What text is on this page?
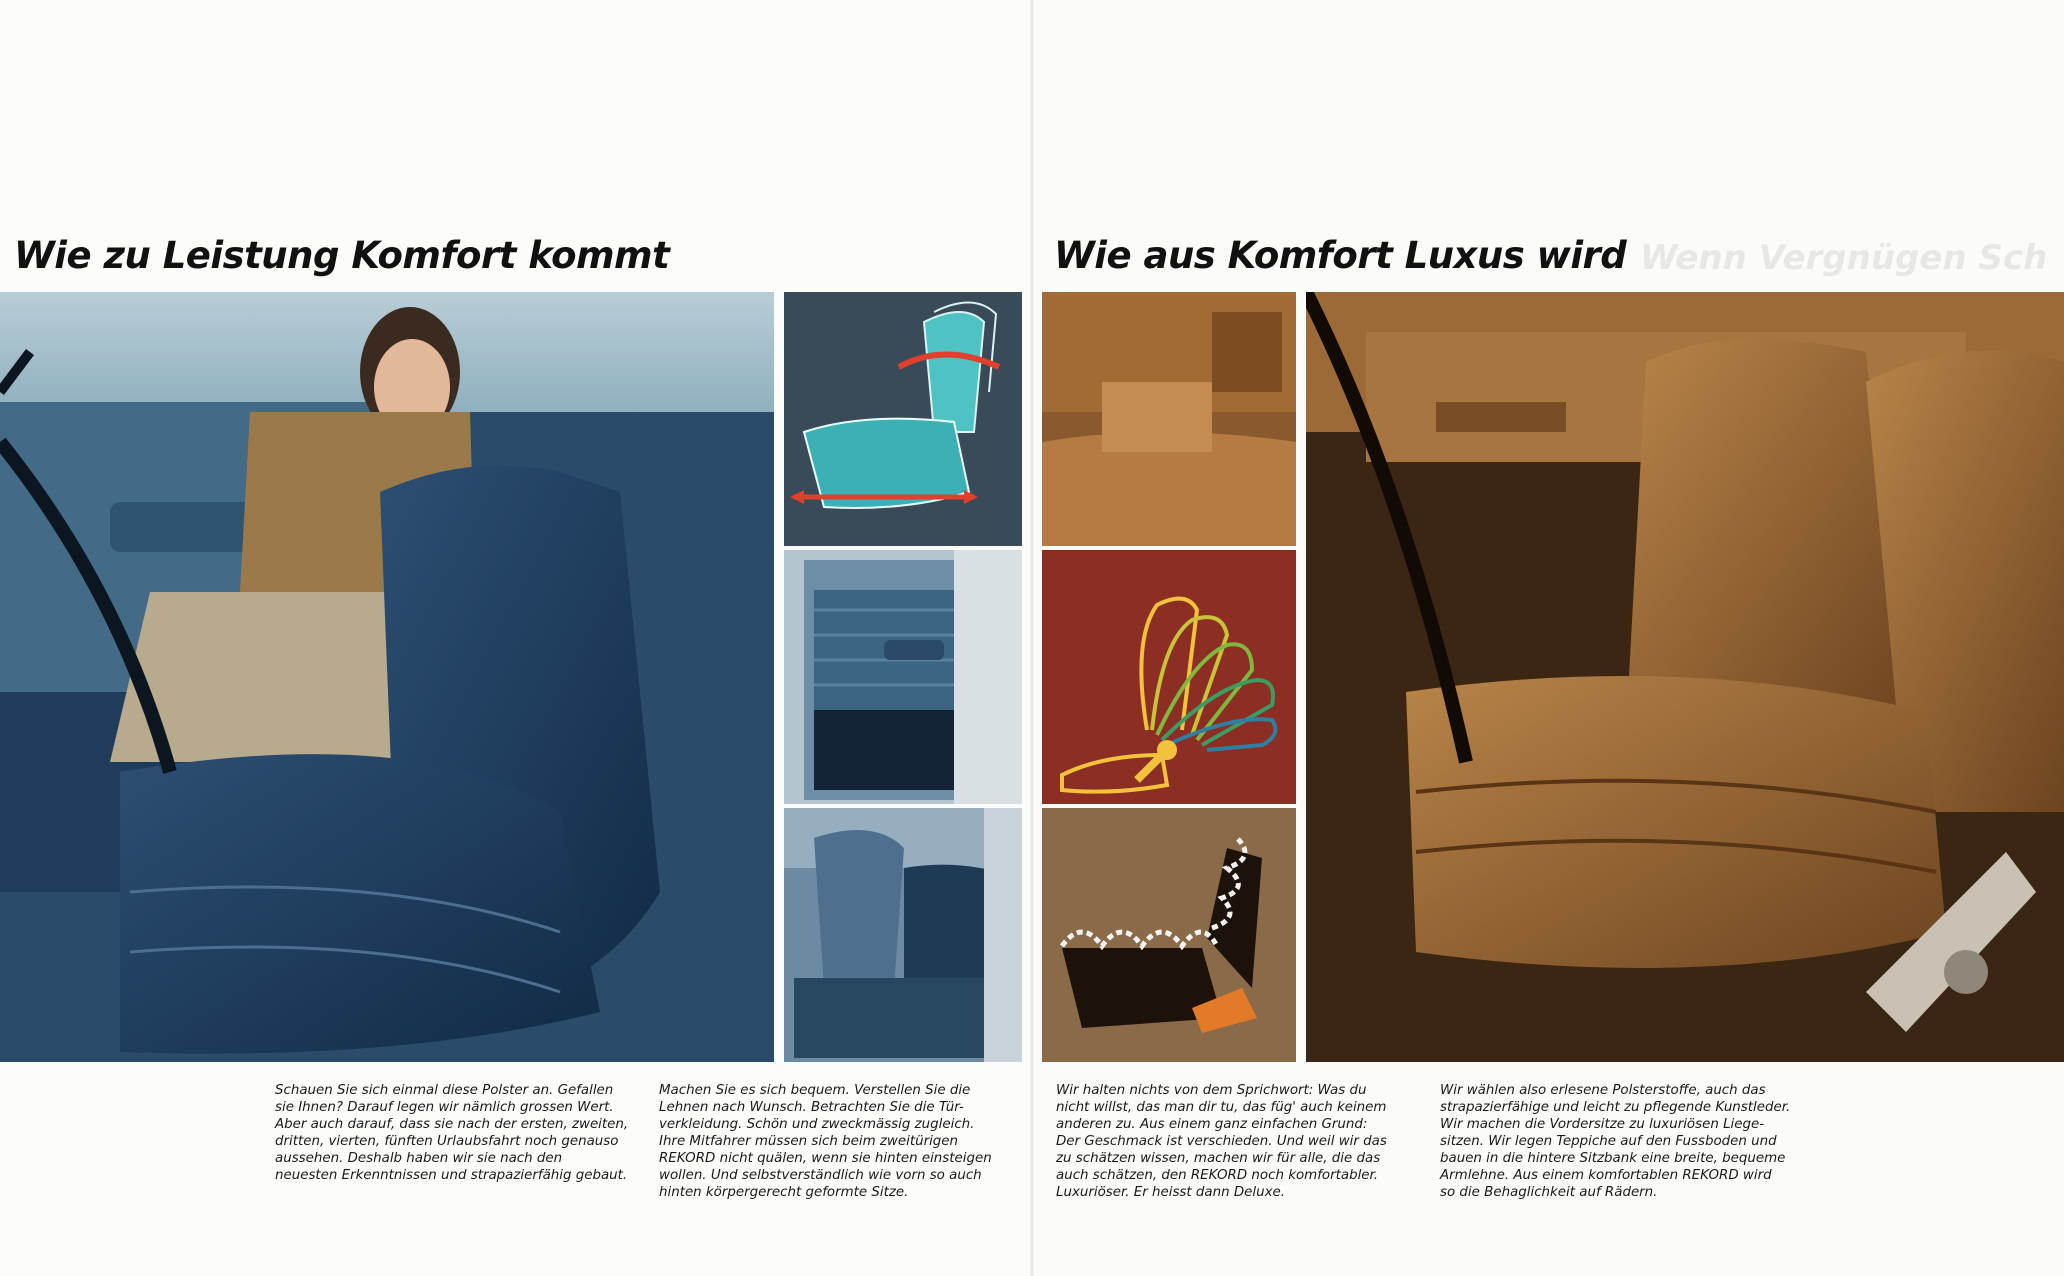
Wenn Vergnügen Sch
Wie zu Leistung Komfort kommt	Wie aus Komfort Luxus wird

Schauen Sie sich einmal diese Polster an. Gefallen
sie Ihnen? Darauf legen wir nämlich grossen Wert.
Aber auch darauf, dass sie nach der ersten, zweiten,
dritten, vierten, fünften Urlaubsfahrt noch genauso
aussehen. Deshalb haben wir sie nach den
neuesten Erkenntnissen und strapazierfähig gebaut.

Machen Sie es sich bequem. Verstellen Sie die
Lehnen nach Wunsch. Betrachten Sie die Tür-
verkleidung. Schön und zweckmässig zugleich.
Ihre Mitfahrer müssen sich beim zweitürigen
REKORD nicht quälen, wenn sie hinten einsteigen
wollen. Und selbstverständlich wie vorn so auch
hinten körpergerecht geformte Sitze.

Wir halten nichts von dem Sprichwort: Was du
nicht willst, das man dir tu, das füg' auch keinem
anderen zu. Aus einem ganz einfachen Grund:
Der Geschmack ist verschieden. Und weil wir das
zu schätzen wissen, machen wir für alle, die das
auch schätzen, den REKORD noch komfortabler.
Luxuriöser. Er heisst dann Deluxe.

Wir wählen also erlesene Polsterstoffe, auch das
strapazierfähige und leicht zu pflegende Kunstleder.
Wir machen die Vordersitze zu luxuriösen Liege-
sitzen. Wir legen Teppiche auf den Fussboden und
bauen in die hintere Sitzbank eine breite, bequeme
Armlehne. Aus einem komfortablen REKORD wird
so die Behaglichkeit auf Rädern.
